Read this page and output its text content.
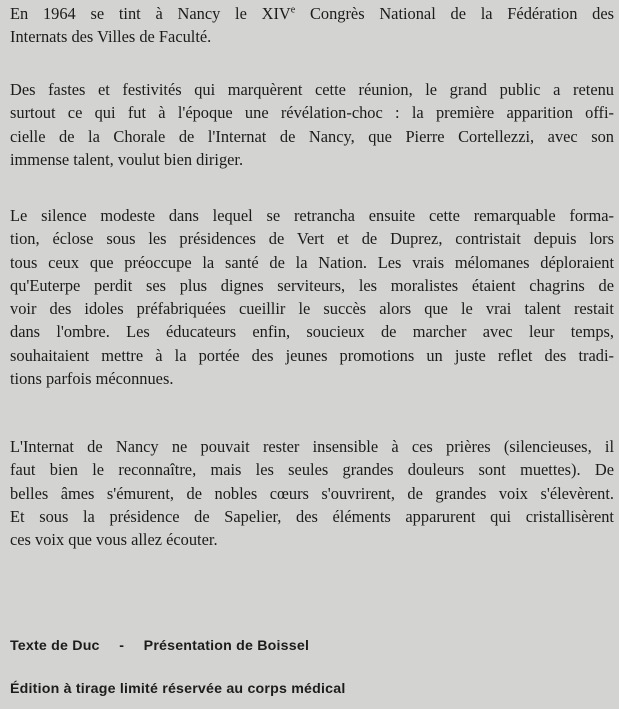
En 1964 se tint à Nancy le XIVe Congrès National de la Fédération des
Internats des Villes de Faculté.

Des fastes et festivités qui marquèrent cette réunion, le grand public a retenu
surtout ce qui fut à l'époque une révélation-choc : la première apparition offi-
cielle de la Chorale de l'Internat de Nancy, que Pierre Cortellezzi, avec son
immense talent, voulut bien diriger.

Le silence modeste dans lequel se retrancha ensuite cette remarquable forma-
tion, éclose sous les présidences de Vert et de Duprez, contristait depuis lors
tous ceux que préoccupe la santé de la Nation. Les vrais mélomanes déploraient
qu'Euterpe perdit ses plus dignes serviteurs, les moralistes étaient chagrins de
voir des idoles préfabriquées cueillir le succès alors que le vrai talent restait
dans l'ombre. Les éducateurs enfin, soucieux de marcher avec leur temps,
souhaitaient mettre à la portée des jeunes promotions un juste reflet des tradi-
tions parfois méconnues.

L'Internat de Nancy ne pouvait rester insensible à ces prières (silencieuses, il
faut bien le reconnaître, mais les seules grandes douleurs sont muettes). De
belles âmes s'émurent, de nobles cœurs s'ouvrirent, de grandes voix s'élevèrent.
Et sous la présidence de Sapelier, des éléments apparurent qui cristallisèrent
ces voix que vous allez écouter.

Texte de Duc - Présentation de Boissel
Édition à tirage limité réservée au corps médical
